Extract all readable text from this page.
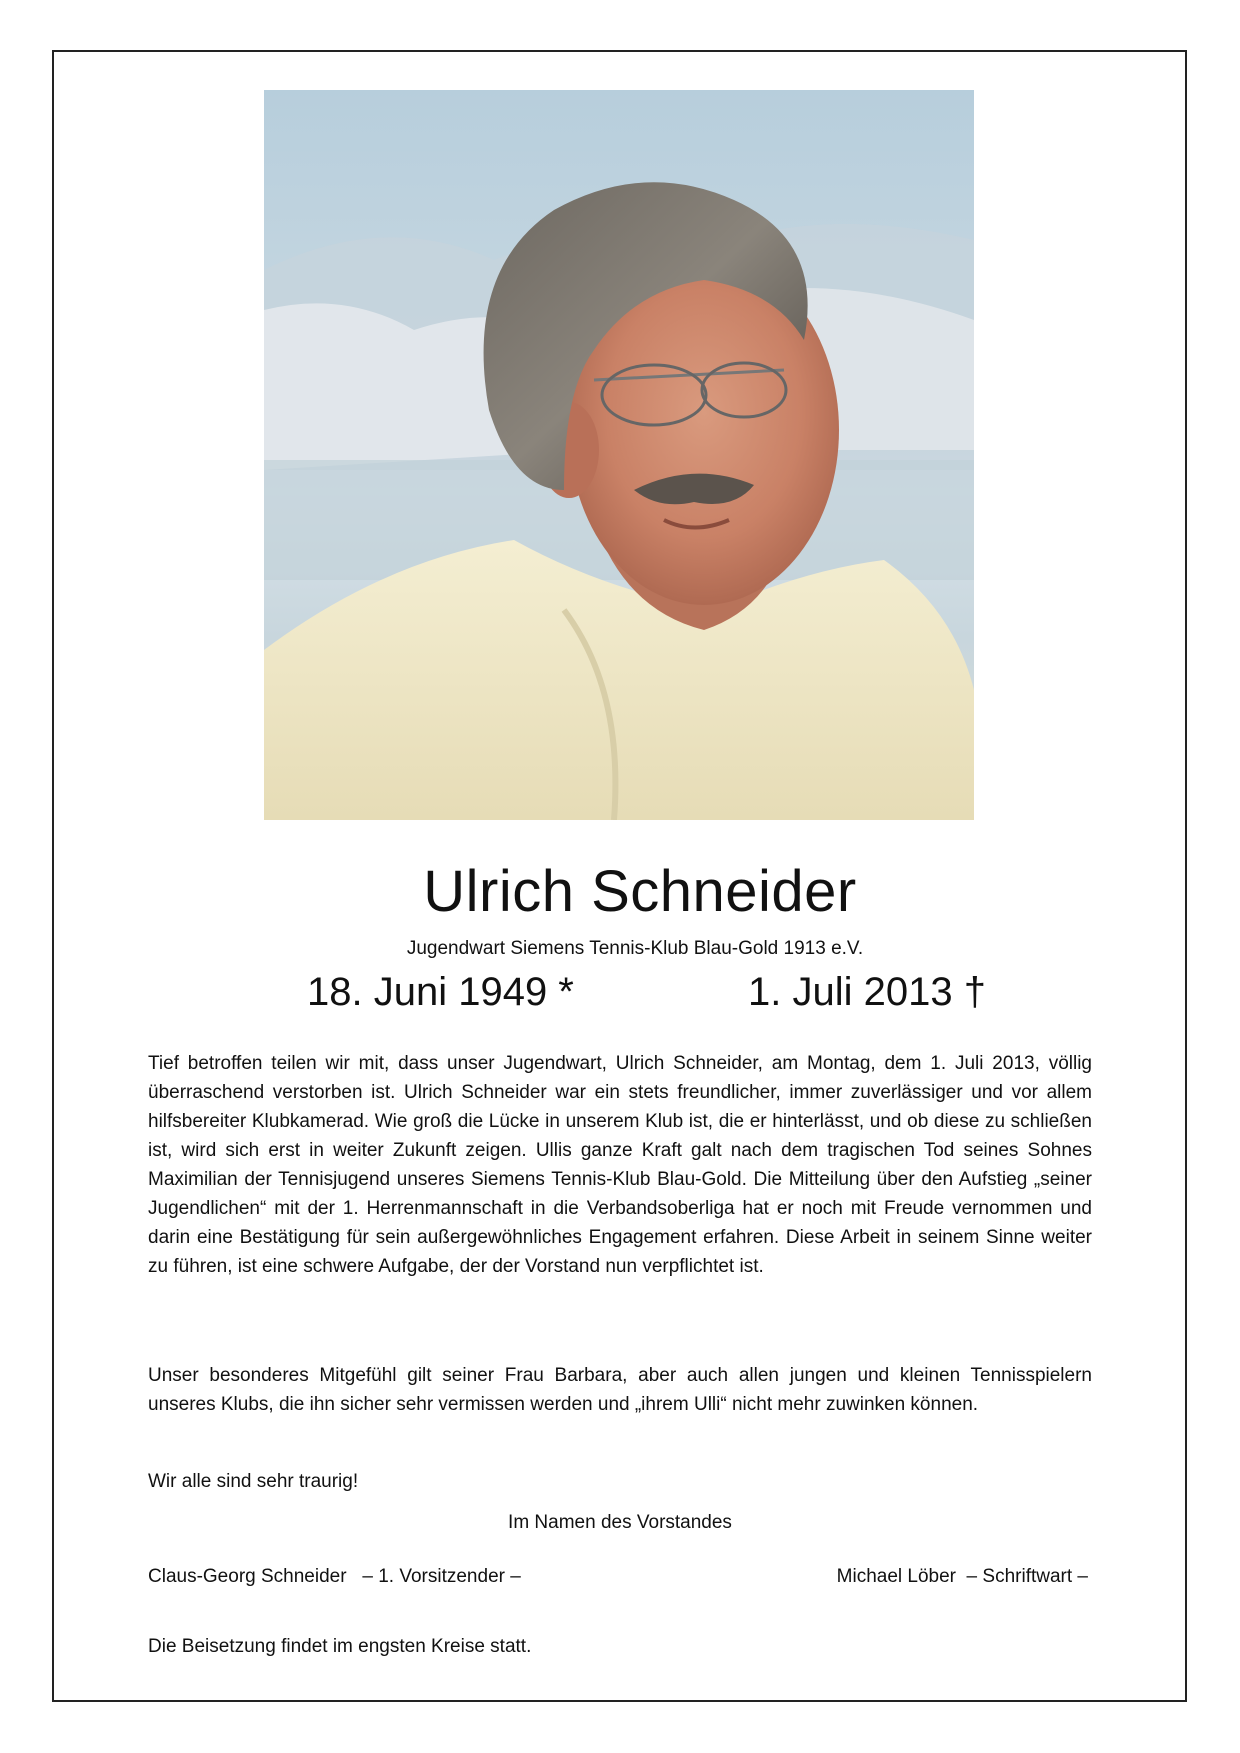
Ulrich Schneider
Jugendwart Siemens Tennis-Klub Blau-Gold 1913 e.V.
18. Juni 1949 *	1. Juli 2013 †

Tief betroffen teilen wir mit, dass unser Jugendwart, Ulrich Schneider, am Montag, dem 1. Juli 2013, völlig überraschend verstorben ist. Ulrich Schneider war ein stets freundlicher, immer zuverlässiger und vor allem hilfsbereiter Klubkamerad. Wie groß die Lücke in unserem Klub ist, die er hinterlässt, und ob diese zu schließen ist, wird sich erst in weiter Zukunft zeigen. Ullis ganze Kraft galt nach dem tragischen Tod seines Sohnes Maximilian der Tennisjugend unseres Siemens Tennis-Klub Blau-Gold. Die Mitteilung über den Aufstieg „seiner Jugendlichen“ mit der 1. Herrenmannschaft in die Verbandsoberliga hat er noch mit Freude vernommen und darin eine Bestätigung für sein außergewöhnliches Engagement erfahren. Diese Arbeit in seinem Sinne weiter zu führen, ist eine schwere Aufgabe, der der Vorstand nun verpflichtet ist.

Unser besonderes Mitgefühl gilt seiner Frau Barbara, aber auch allen jungen und kleinen Tennisspielern unseres Klubs, die ihn sicher sehr vermissen werden und „ihrem Ulli“ nicht mehr zuwinken können.

Wir alle sind sehr traurig!

Im Namen des Vorstandes
Claus-Georg Schneider   – 1. Vorsitzender –	Michael Löber  – Schriftwart –
Die Beisetzung findet im engsten Kreise statt.
